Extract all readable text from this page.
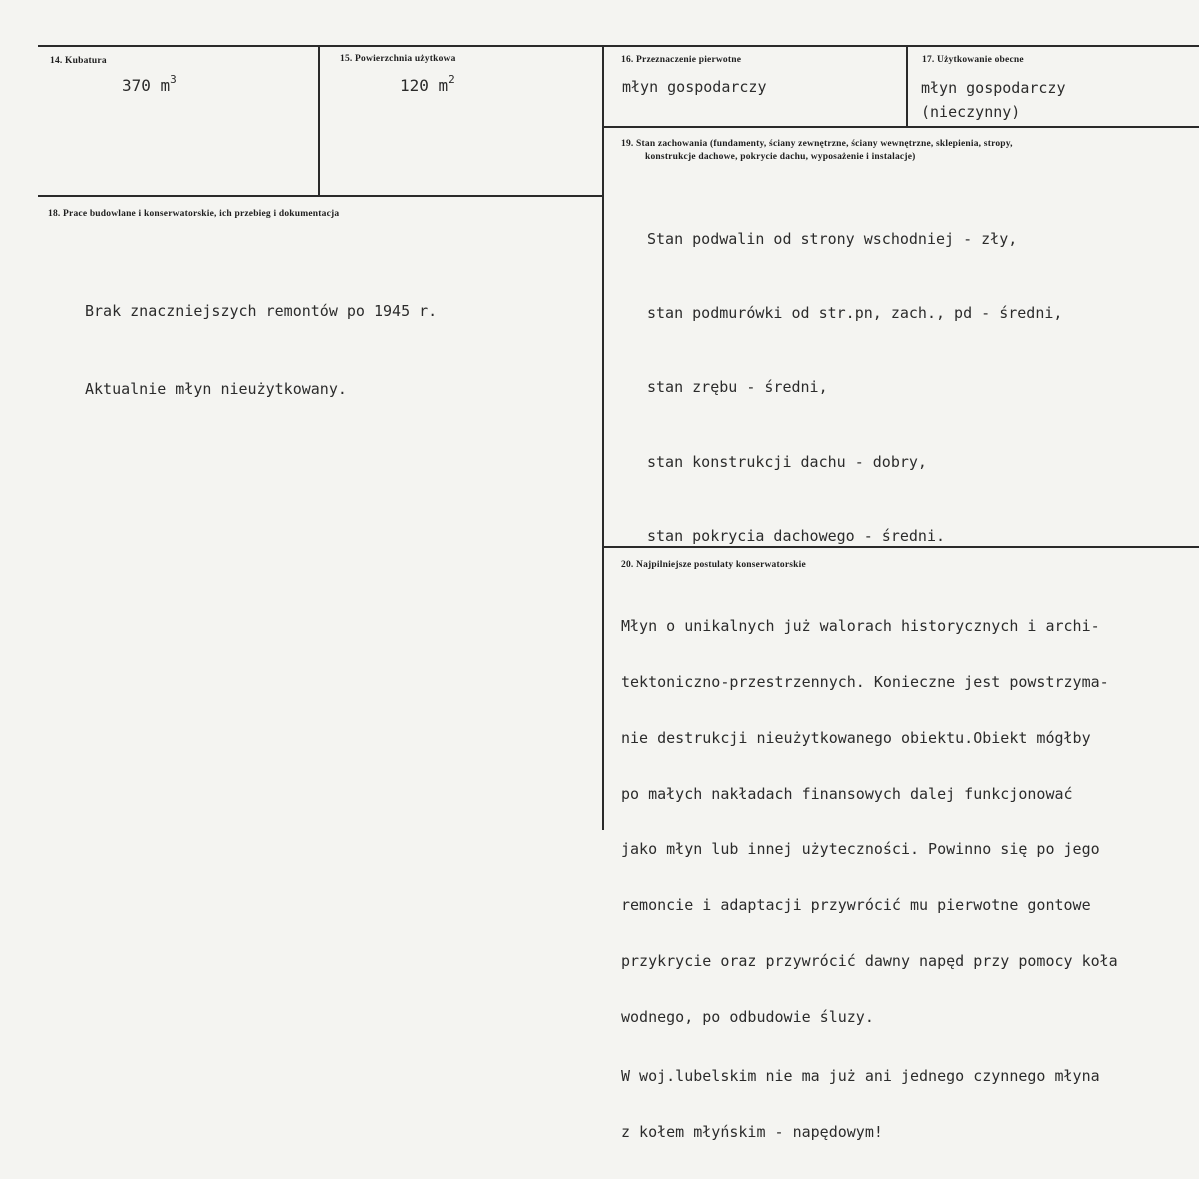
14. Kubatura
370 $m^3$
15. Powierzchnia użytkowa
120 $m^2$
16. Przeznaczenie pierwotne
młyn gospodarczy
17. Użytkowanie obecne
młyn gospodarczy
(nieczynny)
18. Prace budowlane i konserwatorskie, ich przebieg i dokumentacja

Brak znaczniejszych remontów po 1945 r.

Aktualnie młyn nieużytkowany.

19. Stan zachowania (fundamenty, ściany zewnętrzne, ściany wewnętrzne, sklepienia, stropy,
konstrukcje dachowe, pokrycie dachu, wyposażenie i instalacje)

Stan podwalin od strony wschodniej - zły,

stan podmurówki od str.pn, zach., pd - średni,

stan zrębu - średni,

stan konstrukcji dachu - dobry,

stan pokrycia dachowego - średni.

20. Najpilniejsze postulaty konserwatorskie

Młyn o unikalnych już walorach historycznych i archi-

tektoniczno-przestrzennych. Konieczne jest powstrzyma-

nie destrukcji nieużytkowanego obiektu.Obiekt mógłby

po małych nakładach finansowych dalej funkcjonować

jako młyn lub innej użyteczności. Powinno się po jego

remoncie i adaptacji przywrócić mu pierwotne gontowe

przykrycie oraz przywrócić dawny napęd przy pomocy koła

wodnego, po odbudowie śluzy.

W woj.lubelskim nie ma już ani jednego czynnego młyna

z kołem młyńskim - napędowym!
